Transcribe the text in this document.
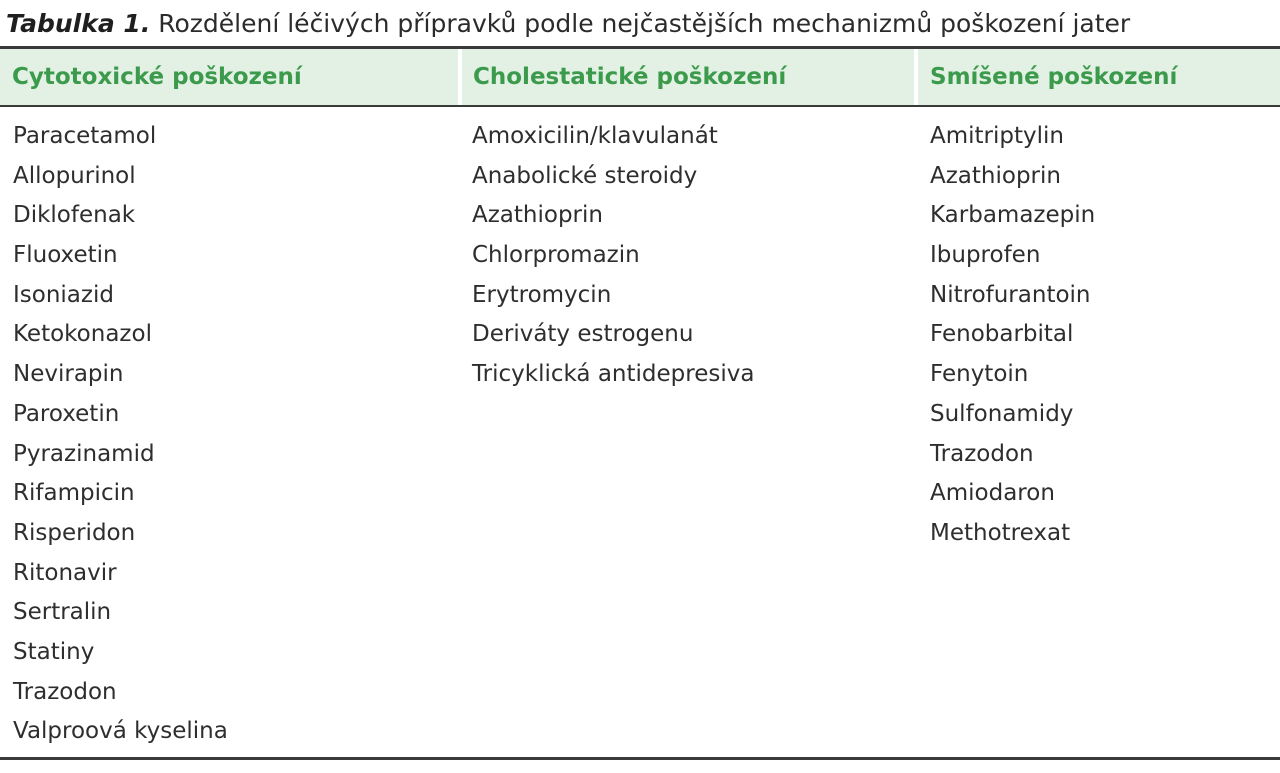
Tabulka 1. Rozdělení léčivých přípravků podle nejčastějších mechanizmů poškození jater
Cytotoxické poškození	Cholestatické poškození	Smíšené poškození
Paracetamol
Allopurinol
Diklofenak
Fluoxetin
Isoniazid
Ketokonazol
Nevirapin
Paroxetin
Pyrazinamid
Rifampicin
Risperidon
Ritonavir
Sertralin
Statiny
Trazodon
Valproová kyselina
Amoxicilin/klavulanát
Anabolické steroidy
Azathioprin
Chlorpromazin
Erytromycin
Deriváty estrogenu
Tricyklická antidepresiva
Amitriptylin
Azathioprin
Karbamazepin
Ibuprofen
Nitrofurantoin
Fenobarbital
Fenytoin
Sulfonamidy
Trazodon
Amiodaron
Methotrexat
